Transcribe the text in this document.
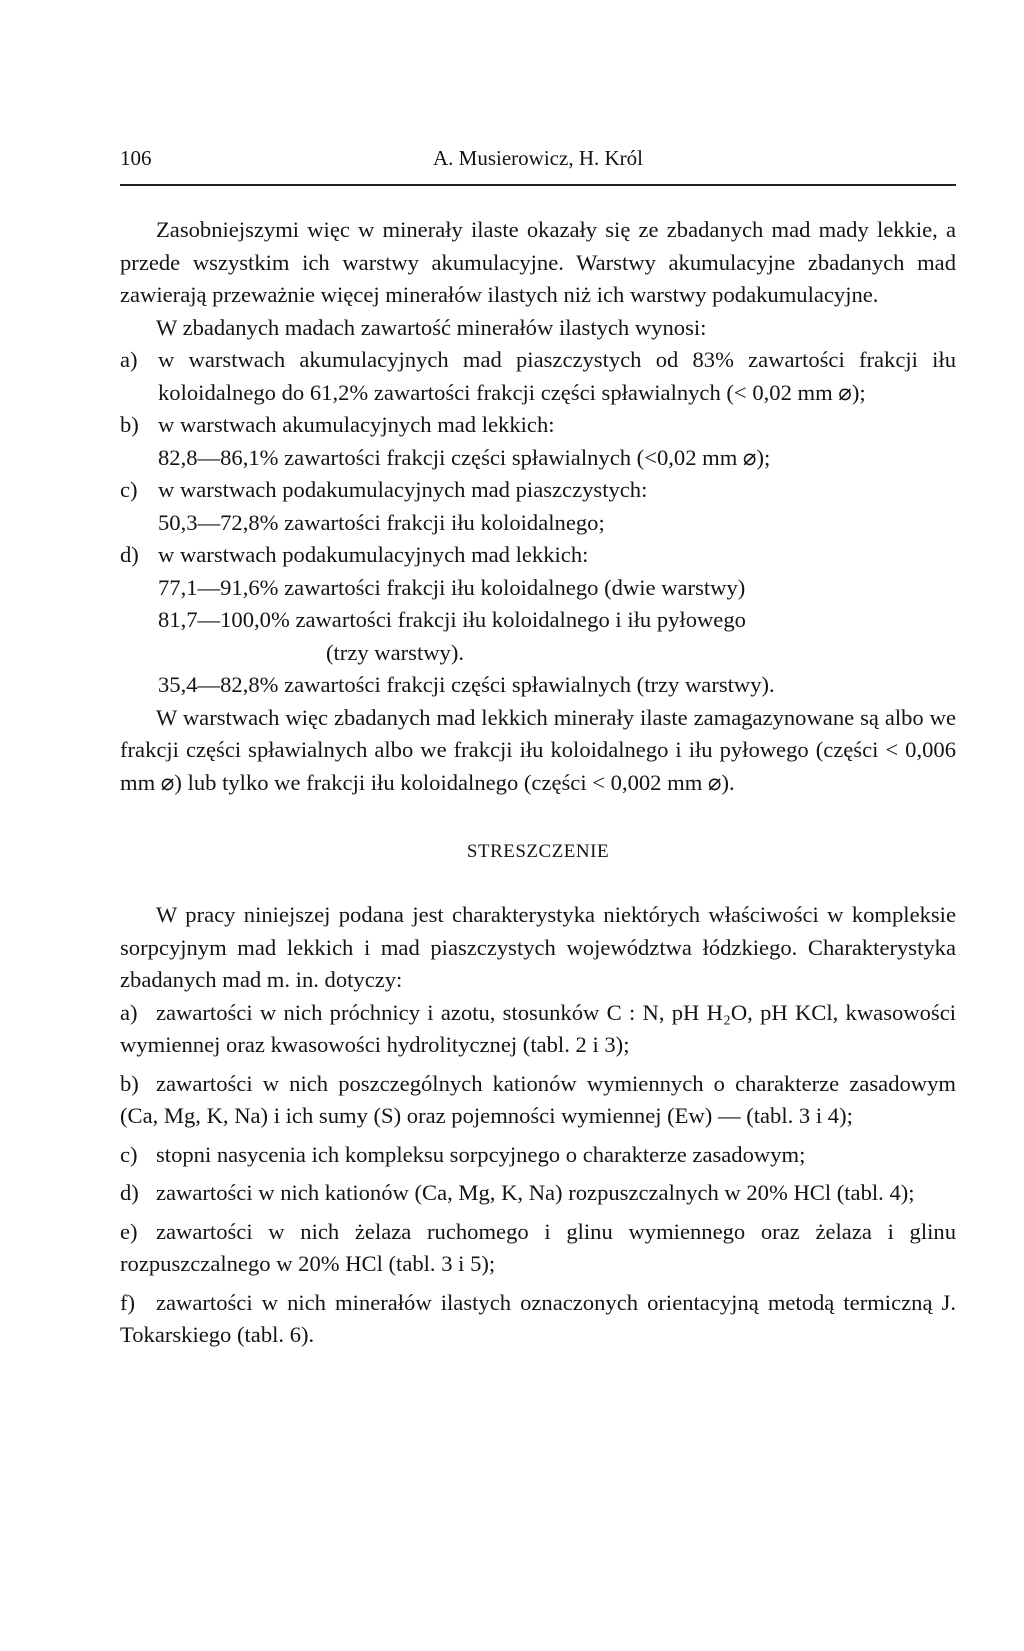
106	A. Musierowicz, H. Król

Zasobniejszymi więc w minerały ilaste okazały się ze zbadanych mad mady lekkie, a przede wszystkim ich warstwy akumulacyjne. Warstwy akumulacyjne zbadanych mad zawierają przeważnie więcej minerałów ilastych niż ich warstwy podakumulacyjne.

W zbadanych madach zawartość minerałów ilastych wynosi:

a) w warstwach akumulacyjnych mad piaszczystych od 83% zawartości frakcji iłu koloidalnego do 61,2% zawartości frakcji części spławialnych (< 0,02 mm ⌀);

b) w warstwach akumulacyjnych mad lekkich:

82,8—86,1% zawartości frakcji części spławialnych (<0,02 mm ⌀);

c) w warstwach podakumulacyjnych mad piaszczystych:

50,3—72,8% zawartości frakcji iłu koloidalnego;

d) w warstwach podakumulacyjnych mad lekkich:

77,1—91,6% zawartości frakcji iłu koloidalnego (dwie warstwy)

81,7—100,0% zawartości frakcji iłu koloidalnego i iłu pyłowego

(trzy warstwy).

35,4—82,8% zawartości frakcji części spławialnych (trzy warstwy).

W warstwach więc zbadanych mad lekkich minerały ilaste zamagazynowane są albo we frakcji części spławialnych albo we frakcji iłu koloidalnego i iłu pyłowego (części < 0,006 mm ⌀) lub tylko we frakcji iłu koloidalnego (części < 0,002 mm ⌀).

STRESZCZENIE

W pracy niniejszej podana jest charakterystyka niektórych właściwości w kompleksie sorpcyjnym mad lekkich i mad piaszczystych województwa łódzkiego. Charakterystyka zbadanych mad m. in. dotyczy:

a) zawartości w nich próchnicy i azotu, stosunków C : N, pH H₂O, pH KCl, kwasowości wymiennej oraz kwasowości hydrolitycznej (tabl. 2 i 3);

b) zawartości w nich poszczególnych kationów wymiennych o charakterze zasadowym (Ca, Mg, K, Na) i ich sumy (S) oraz pojemności wymiennej (Ew) — (tabl. 3 i 4);

c) stopni nasycenia ich kompleksu sorpcyjnego o charakterze zasadowym;

d) zawartości w nich kationów (Ca, Mg, K, Na) rozpuszczalnych w 20% HCl (tabl. 4);

e) zawartości w nich żelaza ruchomego i glinu wymiennego oraz żelaza i glinu rozpuszczalnego w 20% HCl (tabl. 3 i 5);

f) zawartości w nich minerałów ilastych oznaczonych orientacyjną metodą termiczną J. Tokarskiego (tabl. 6).
